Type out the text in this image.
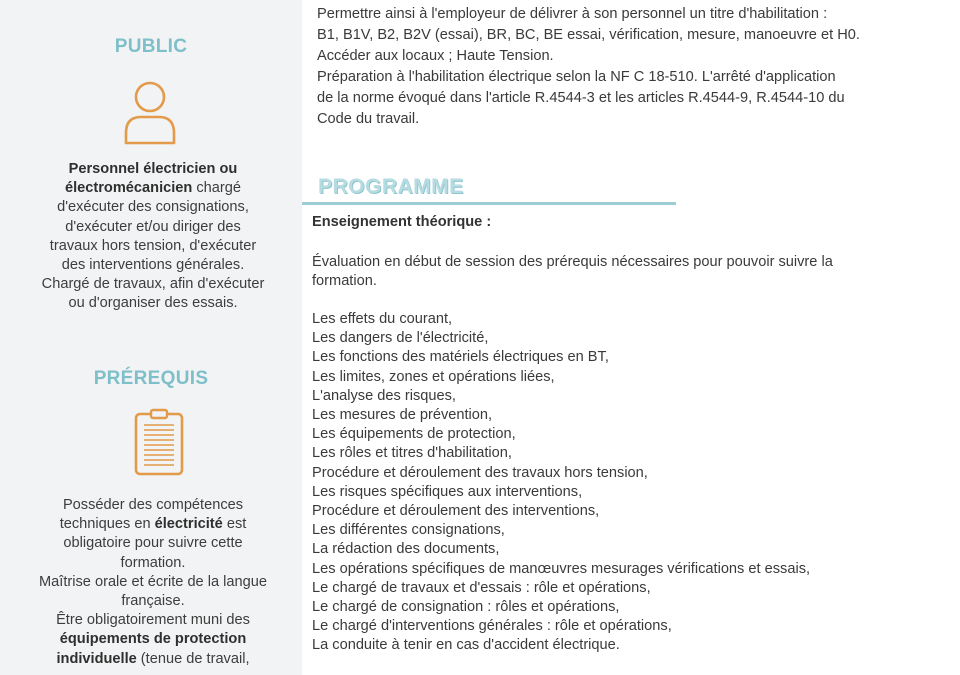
PUBLIC

Personnel électricien ou
électromécanicien chargé
d'exécuter des consignations,
d'exécuter et/ou diriger des
travaux hors tension, d'exécuter
des interventions générales.
Chargé de travaux, afin d'exécuter
ou d'organiser des essais.

PRÉREQUIS

Posséder des compétences
techniques en électricité est
obligatoire pour suivre cette
formation.
Maîtrise orale et écrite de la langue
française.
Être obligatoirement muni des
équipements de protection
individuelle (tenue de travail,

Permettre ainsi à l'employeur de délivrer à son personnel un titre d'habilitation :
B1, B1V, B2, B2V (essai), BR, BC, BE essai, vérification, mesure, manoeuvre et H0.
Accéder aux locaux ; Haute Tension.
Préparation à l'habilitation électrique selon la NF C 18-510. L'arrêté d'application
de la norme évoqué dans l'article R.4544-3 et les articles R.4544-9, R.4544-10 du
Code du travail.

PROGRAMME

Enseignement théorique :

Évaluation en début de session des prérequis nécessaires pour pouvoir suivre la
formation.

Les effets du courant,
Les dangers de l'électricité,
Les fonctions des matériels électriques en BT,
Les limites, zones et opérations liées,
L'analyse des risques,
Les mesures de prévention,
Les équipements de protection,
Les rôles et titres d'habilitation,
Procédure et déroulement des travaux hors tension,
Les risques spécifiques aux interventions,
Procédure et déroulement des interventions,
Les différentes consignations,
La rédaction des documents,
Les opérations spécifiques de manœuvres mesurages vérifications et essais,
Le chargé de travaux et d'essais : rôle et opérations,
Le chargé de consignation : rôles et opérations,
Le chargé d'interventions générales : rôle et opérations,
La conduite à tenir en cas d'accident électrique.
